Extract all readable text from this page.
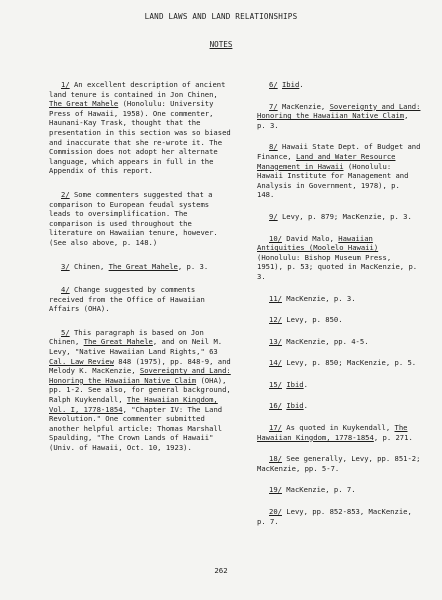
LAND LAWS AND LAND RELATIONSHIPS
NOTES
1/ An excellent description of ancient land tenure is contained in Jon Chinen, The Great Mahele (Honolulu: University Press of Hawaii, 1958). One commenter, Haunani-Kay Trask, thought that the presentation in this section was so biased and inaccurate that she re-wrote it. The Commission does not adopt her alternate language, which appears in full in the Appendix of this report.
2/ Some commenters suggested that a comparison to European feudal systems leads to oversimplification. The comparison is used throughout the literature on Hawaiian tenure, however. (See also above, p. 148.)
3/ Chinen, The Great Mahele, p. 3.
4/ Change suggested by comments received from the Office of Hawaiian Affairs (OHA).
5/ This paragraph is based on Jon Chinen, The Great Mahele, and on Neil M. Levy, "Native Hawaiian Land Rights," 63 Cal. Law Review 848 (1975), pp. 848-9, and Melody K. MacKenzie, Sovereignty and Land: Honoring the Hawaiian Native Claim (OHA), pp. 1-2. See also, for general background, Ralph Kuykendall, The Hawaiian Kingdom, Vol. I, 1778-1854, "Chapter IV: The Land Revolution." One commenter submitted another helpful article: Thomas Marshall Spaulding, "The Crown Lands of Hawaii" (Univ. of Hawaii, Oct. 10, 1923).
6/ Ibid.
7/ MacKenzie, Sovereignty and Land: Honoring the Hawaiian Native Claim, p. 3.
8/ Hawaii State Dept. of Budget and Finance, Land and Water Resource Management in Hawaii (Honolulu: Hawaii Institute for Management and Analysis in Government, 1978), p. 148.
9/ Levy, p. 879; MacKenzie, p. 3.
10/ David Malo, Hawaiian Antiquities (Moolelo Hawaii) (Honolulu: Bishop Museum Press, 1951), p. 53; quoted in MacKenzie, p. 3.
11/ MacKenzie, p. 3.
12/ Levy, p. 850.
13/ MacKenzie, pp. 4-5.
14/ Levy, p. 850; MacKenzie, p. 5.
15/ Ibid.
16/ Ibid.
17/ As quoted in Kuykendall, The Hawaiian Kingdom, 1778-1854, p. 271.
18/ See generally, Levy, pp. 851-2; MacKenzie, pp. 5-7.
19/ MacKenzie, p. 7.
20/ Levy, pp. 852-853, MacKenzie, p. 7.
262
